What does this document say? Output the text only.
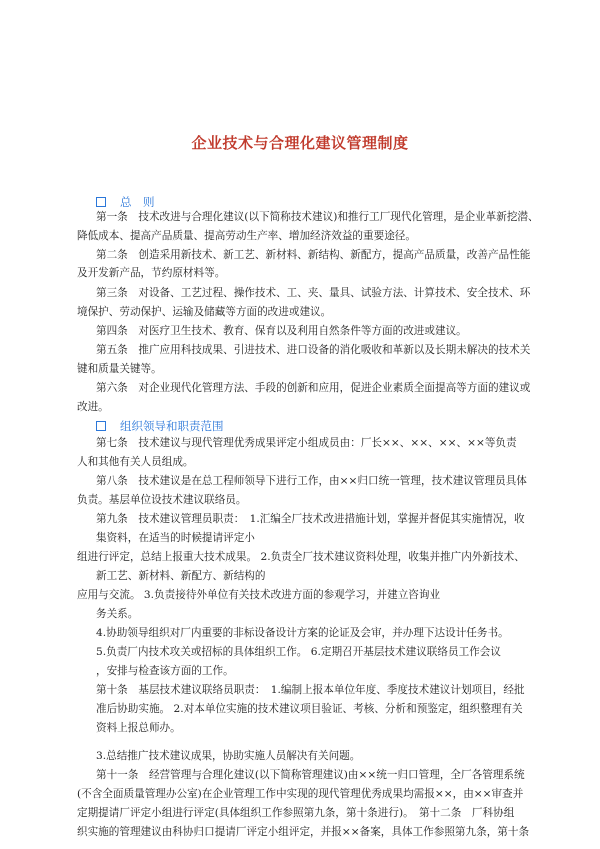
企业技术与合理化建议管理制度
总　则
第一条　技术改进与合理化建议(以下简称技术建议)和推行工厂现代化管理，是企业革新挖潜、
降低成本、提高产品质量、提高劳动生产率、增加经济效益的重要途径。
第二条　创造采用新技术、新工艺、新材料、新结构、新配方，提高产品质量，改善产品性能
及开发新产品，节约原材料等。
第三条　对设备、工艺过程、操作技术、工、夹、量具、试验方法、计算技术、安全技术、环
境保护、劳动保护、运输及储藏等方面的改进或建议。
第四条　对医疗卫生技术、教育、保育以及利用自然条件等方面的改进或建议。
第五条　推广应用科技成果、引进技术、进口设备的消化吸收和革新以及长期未解决的技术关
键和质量关键等。
第六条　对企业现代化管理方法、手段的创新和应用，促进企业素质全面提高等方面的建议或
改进。
组织领导和职责范围
第七条　技术建议与现代管理优秀成果评定小组成员由：厂长××、××、××、××等负责
人和其他有关人员组成。
第八条　技术建议是在总工程师领导下进行工作，由××归口统一管理，技术建议管理员具体
负责。基层单位设技术建议联络员。
第九条　技术建议管理员职责：　1.汇编全厂技术改进措施计划，掌握并督促其实施情况，收
集资料，在适当的时候提请评定小
组进行评定，总结上报重大技术成果。 2.负责全厂技术建议资料处理，收集并推广内外新技术、
新工艺、新材料、新配方、新结构的
应用与交流。 3.负责接待外单位有关技术改进方面的参观学习，并建立咨询业
务关系。
4.协助领导组织对厂内重要的非标设备设计方案的论证及会审，并办理下达设计任务书。
5.负责厂内技术攻关或招标的具体组织工作。 6.定期召开基层技术建议联络员工作会议
，安排与检查该方面的工作。
第十条　基层技术建议联络员职责：　1.编制上报本单位年度、季度技术建议计划项目，经批
准后协助实施。 2.对本单位实施的技术建议项目验证、考核、分析和预鉴定，组织整理有关
资料上报总师办。
3.总结推广技术建议成果，协助实施人员解决有关问题。
第十一条　经营管理与合理化建议(以下简称管理建议)由××统一归口管理，全厂各管理系统
(不含全面质量管理办公室)在企业管理工作中实现的现代管理优秀成果均需报××，由××审查并
定期提请厂评定小组进行评定(具体组织工作参照第九条，第十条进行)。　第十二条　厂科协组
织实施的管理建议由科协归口提请厂评定小组评定，并报××备案，具体工作参照第九条，第十条
